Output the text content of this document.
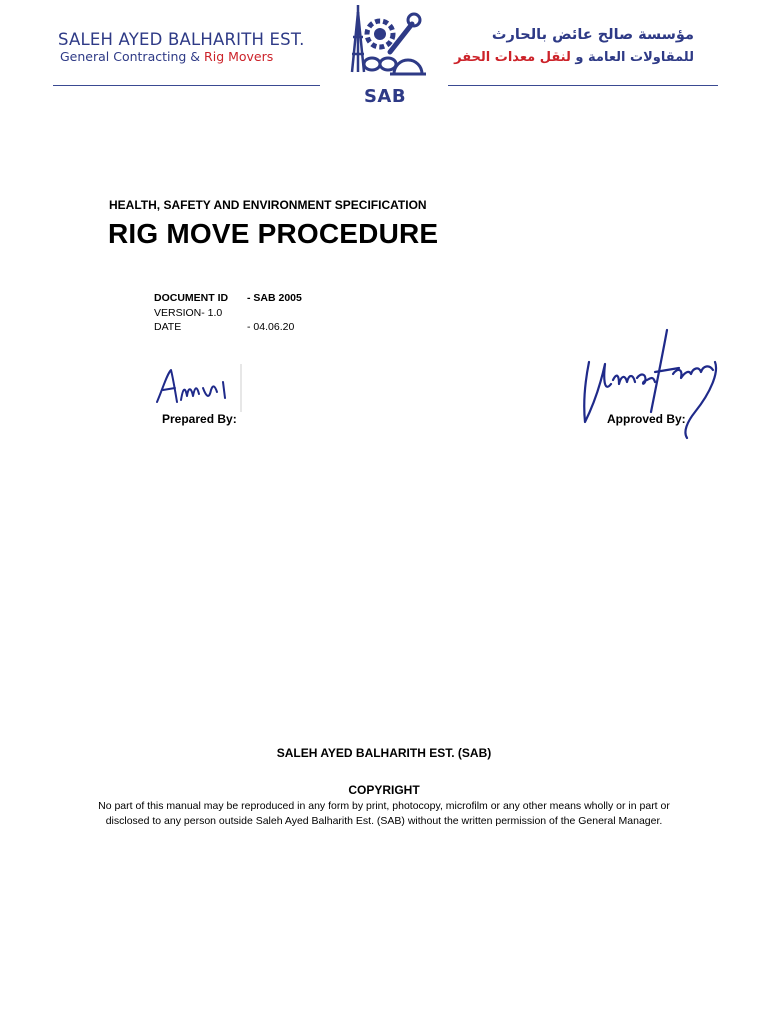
SALEH AYED BALHARITH EST.
General Contracting & Rig Movers
مؤسسة صالح عائض بالحارث
للمقاولات العامة و لنقل معدات الحفر
SAB
HEALTH, SAFETY AND ENVIRONMENT SPECIFICATION
RIG MOVE PROCEDURE
DOCUMENT ID - SAB 2005
VERSION- 1.0
DATE	- 04.06.20
Prepared By:	Approved By:
SALEH AYED BALHARITH EST. (SAB)
COPYRIGHT
No part of this manual may be reproduced in any form by print, photocopy, microfilm or any other means wholly or in part or disclosed to any person outside Saleh Ayed Balharith Est. (SAB) without the written permission of the General Manager.
